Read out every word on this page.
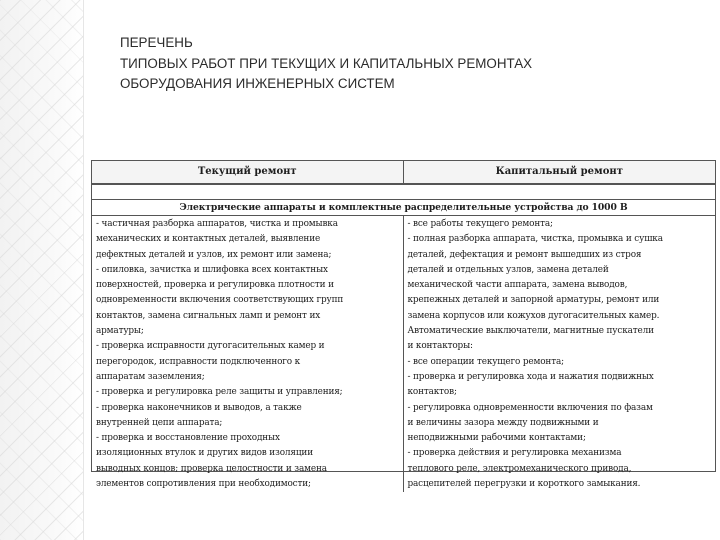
ПЕРЕЧЕНЬ
ТИПОВЫХ РАБОТ ПРИ ТЕКУЩИХ И КАПИТАЛЬНЫХ РЕМОНТАХ
ОБОРУДОВАНИЯ ИНЖЕНЕРНЫХ СИСТЕМ
Текущий ремонт	Капитальный ремонт
Электрические аппараты и комплектные распределительные устройства до 1000 В
- частичная разборка аппаратов, чистка и промывка
механических и контактных деталей, выявление
дефектных деталей и узлов, их ремонт или замена;
- опиловка, зачистка и шлифовка всех контактных
поверхностей, проверка и регулировка плотности и
одновременности включения соответствующих групп
контактов, замена сигнальных ламп и ремонт их
арматуры;
- проверка исправности дугогасительных камер и
перегородок, исправности подключенного к
аппаратам заземления;
- проверка и регулировка реле защиты и управления;
- проверка наконечников и выводов, а также
внутренней цепи аппарата;
- проверка и восстановление проходных
изоляционных втулок и других видов изоляции
выводных концов; проверка целостности и замена
элементов сопротивления при необходимости;
- все работы текущего ремонта;
- полная разборка аппарата, чистка, промывка и сушка
деталей, дефектация и ремонт вышедших из строя
деталей и отдельных узлов, замена деталей
механической части аппарата, замена выводов,
крепежных деталей и запорной арматуры, ремонт или
замена корпусов или кожухов дугогасительных камер.
Автоматические выключатели, магнитные пускатели
и контакторы:
- все операции текущего ремонта;
- проверка и регулировка хода и нажатия подвижных
контактов;
- регулировка одновременности включения по фазам
и величины зазора между подвижными и
неподвижными рабочими контактами;
- проверка действия и регулировка механизма
теплового реле, электромеханического привода,
расцепителей перегрузки и короткого замыкания.
